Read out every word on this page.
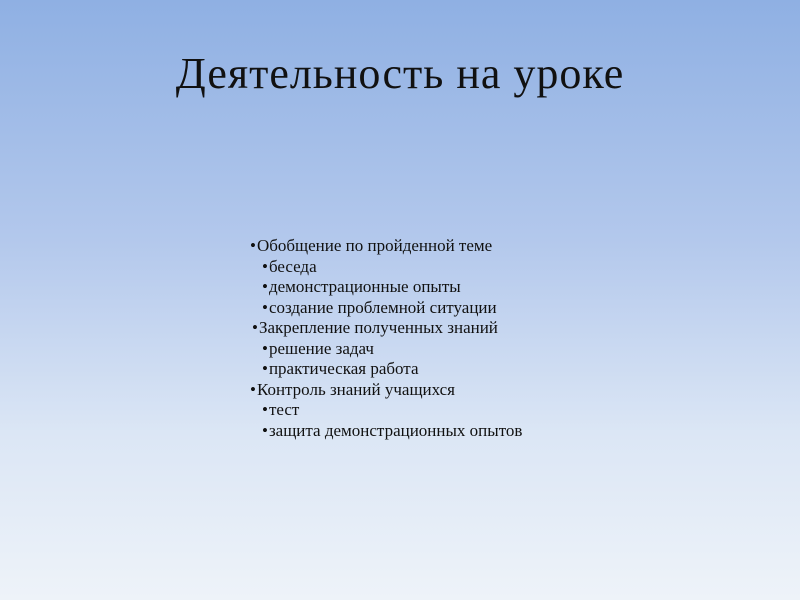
Деятельность на уроке
•Обобщение по пройденной теме
•беседа
•демонстрационные опыты
•создание проблемной ситуации
•Закрепление полученных знаний
•решение задач
•практическая работа
•Контроль знаний учащихся
•тест
•защита демонстрационных опытов
